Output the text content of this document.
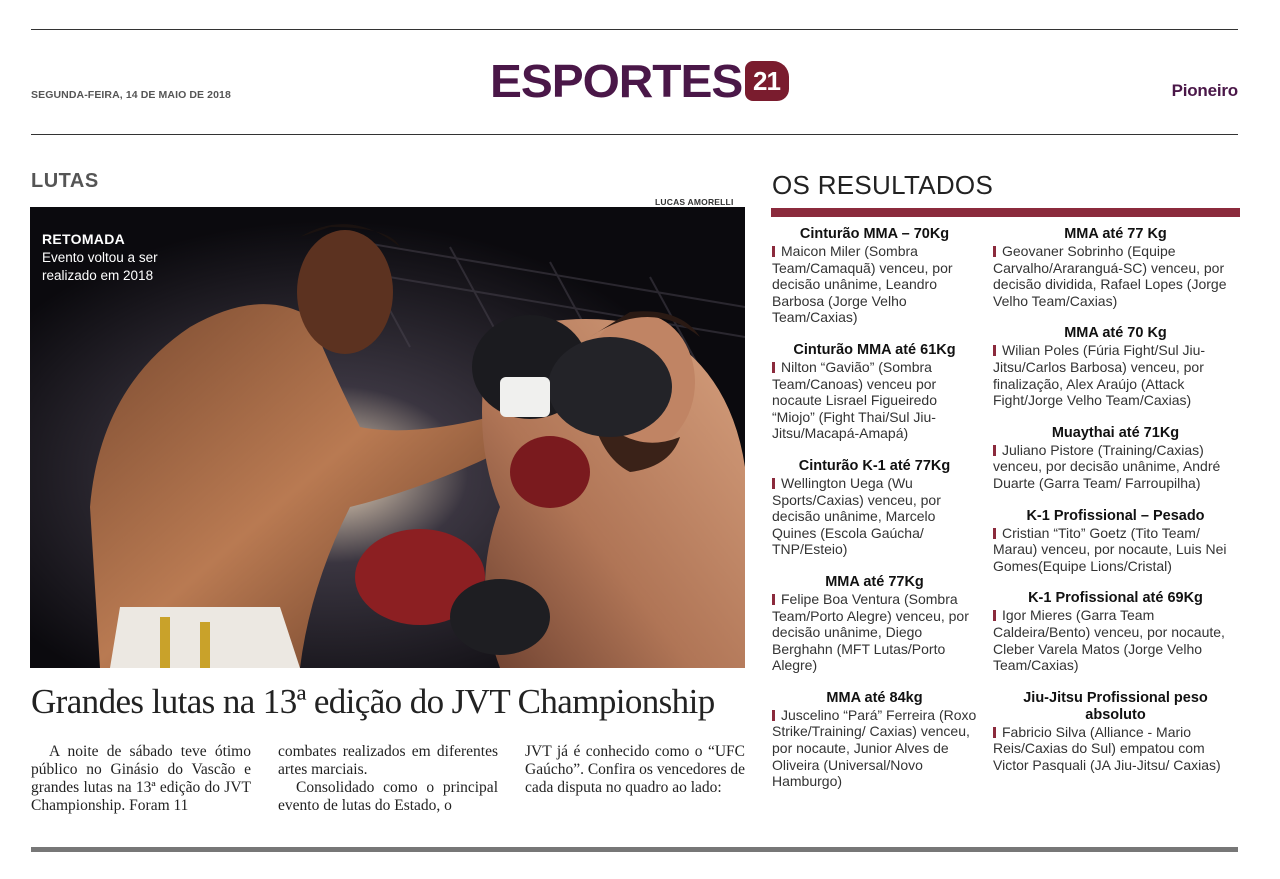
SEGUNDA-FEIRA, 14 DE MAIO DE 2018	ESPORTES 21	Pioneiro
LUTAS
LUCAS AMORELLI
RETOMADA
Evento voltou a ser realizado em 2018
Grandes lutas na 13ª edição do JVT Championship

A noite de sábado teve ótimo público no Ginásio do Vascão e grandes lutas na 13ª edição do JVT Championship. Foram 11

combates realizados em diferentes artes marciais.

Consolidado como o principal evento de lutas do Estado, o

JVT já é conhecido como o “UFC Gaúcho”. Confira os vencedores de cada disputa no quadro ao lado:

OS RESULTADOS
Cinturão MMA – 70Kg

Maicon Miler (Sombra Team/Camaquã) venceu, por decisão unânime, Leandro Barbosa (Jorge Velho Team/Caxias)

Cinturão MMA até 61Kg

Nilton “Gavião” (Sombra Team/Canoas) venceu por nocaute Lisrael Figueiredo “Miojo” (Fight Thai/Sul Jiu-Jitsu/Macapá-Amapá)

Cinturão K-1 até 77Kg

Wellington Uega (Wu Sports/Caxias) venceu, por decisão unânime, Marcelo Quines (Escola Gaúcha/ TNP/Esteio)

MMA até 77Kg

Felipe Boa Ventura (Sombra Team/Porto Alegre) venceu, por decisão unânime, Diego Berghahn (MFT Lutas/Porto Alegre)

MMA até 84kg

Juscelino “Pará” Ferreira (Roxo Strike/Training/ Caxias) venceu, por nocaute, Junior Alves de Oliveira (Universal/Novo Hamburgo)

MMA até 77 Kg

Geovaner Sobrinho (Equipe Carvalho/Araranguá-SC) venceu, por decisão dividida, Rafael Lopes (Jorge Velho Team/Caxias)

MMA até 70 Kg

Wilian Poles (Fúria Fight/Sul Jiu-Jitsu/Carlos Barbosa) venceu, por finalização, Alex Araújo (Attack Fight/Jorge Velho Team/Caxias)

Muaythai até 71Kg

Juliano Pistore (Training/Caxias) venceu, por decisão unânime, André Duarte (Garra Team/ Farroupilha)

K-1 Profissional – Pesado

Cristian “Tito” Goetz (Tito Team/ Marau) venceu, por nocaute, Luis Nei Gomes(Equipe Lions/Cristal)

K-1 Profissional até 69Kg

Igor Mieres (Garra Team Caldeira/Bento) venceu, por nocaute, Cleber Varela Matos (Jorge Velho Team/Caxias)

Jiu-Jitsu Profissional peso absoluto

Fabricio Silva (Alliance - Mario Reis/Caxias do Sul) empatou com Victor Pasquali (JA Jiu-Jitsu/ Caxias)
